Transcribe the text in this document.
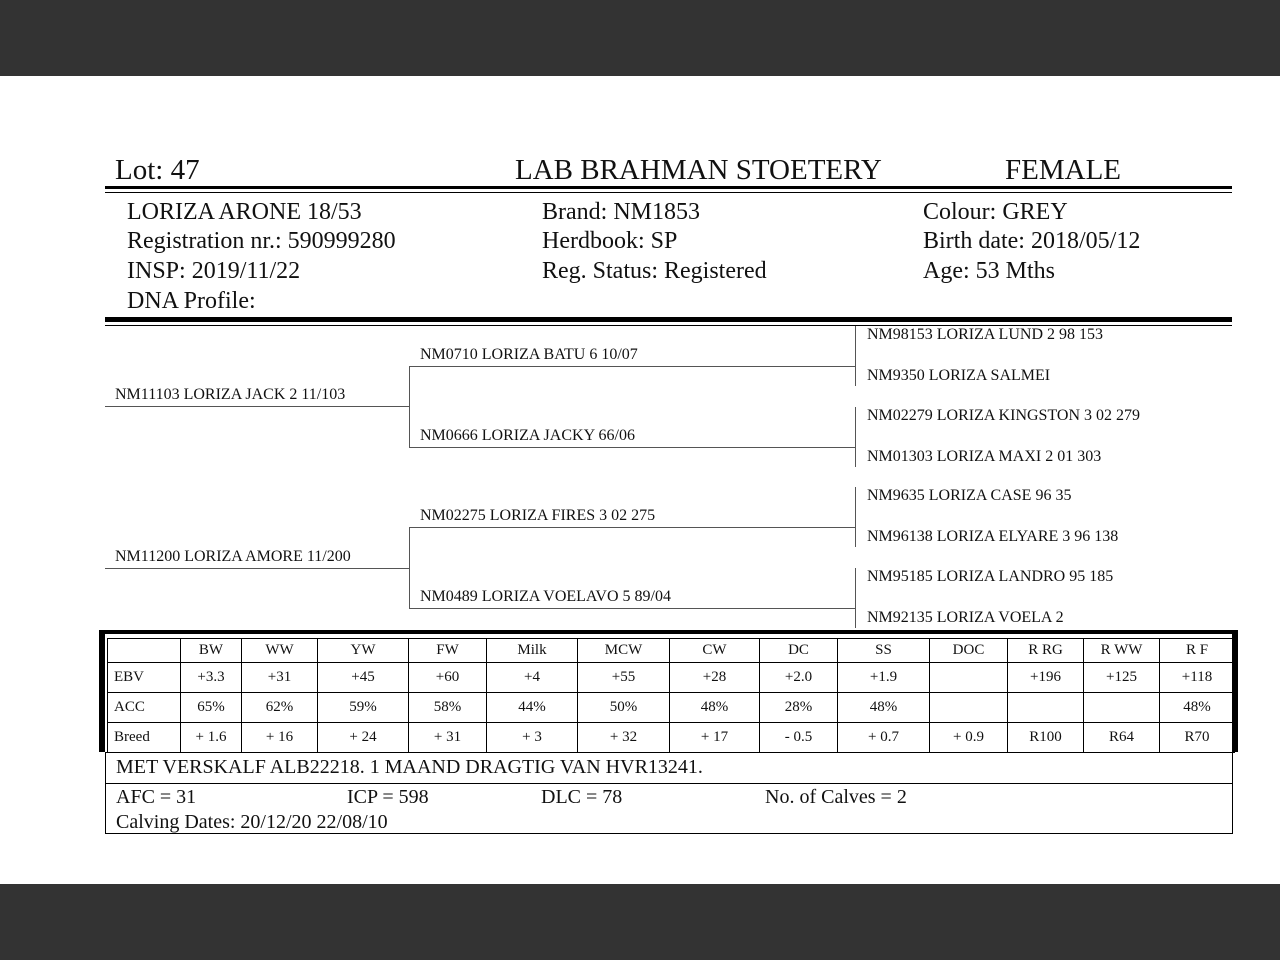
Lot: 47	LAB BRAHMAN STOETERY	FEMALE
LORIZA ARONE 18/53
Registration nr.: 590999280
INSP: 2019/11/22
DNA Profile:
Brand: NM1853
Herdbook: SP
Reg. Status: Registered
Colour: GREY
Birth date: 2018/05/12
Age: 53 Mths
NM11103 LORIZA JACK 2 11/103
NM11200 LORIZA AMORE 11/200
NM0710 LORIZA BATU 6 10/07
NM0666 LORIZA JACKY 66/06
NM02275 LORIZA FIRES 3 02 275
NM0489 LORIZA VOELAVO 5 89/04
NM98153 LORIZA LUND 2 98 153
NM9350 LORIZA SALMEI
NM02279 LORIZA KINGSTON 3 02 279
NM01303 LORIZA MAXI 2 01 303
NM9635 LORIZA CASE 96 35
NM96138 LORIZA ELYARE 3 96 138
NM95185 LORIZA LANDRO 95 185
NM92135 LORIZA VOELA 2
	BW	WW	YW	FW	Milk	MCW	CW	DC	SS	DOC	R RG	R WW	R F
EBV	+3.3	+31	+45	+60	+4	+55	+28	+2.0	+1.9		+196	+125	+118
ACC	65%	62%	59%	58%	44%	50%	48%	28%	48%				48%
Breed	+ 1.6	+ 16	+ 24	+ 31	+ 3	+ 32	+ 17	- 0.5	+ 0.7	+ 0.9	R100	R64	R70
MET VERSKALF ALB22218. 1 MAAND DRAGTIG VAN HVR13241.
AFC = 31	ICP = 598	DLC = 78	No. of Calves = 2
Calving Dates: 20/12/20 22/08/10
